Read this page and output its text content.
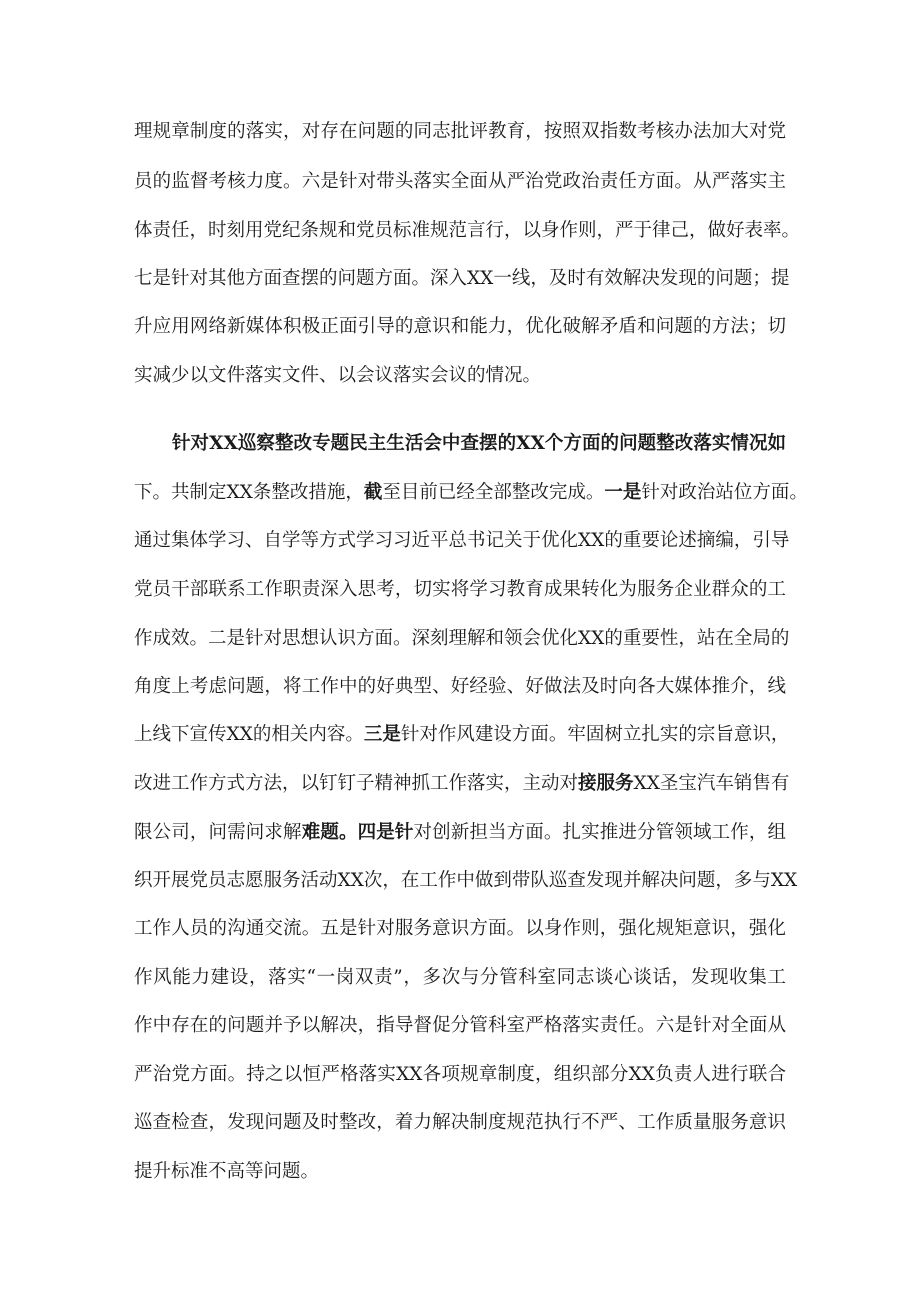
理规章制度的落实，对存在问题的同志批评教育，按照双指数考核办法加大对党
员的监督考核力度。六是针对带头落实全面从严治党政治责任方面。从严落实主
体责任，时刻用党纪条规和党员标准规范言行，以身作则，严于律己，做好表率。
七是针对其他方面查摆的问题方面。深入XX一线，及时有效解决发现的问题；提
升应用网络新媒体积极正面引导的意识和能力，优化破解矛盾和问题的方法；切
实减少以文件落实文件、以会议落实会议的情况。
针对XX巡察整改专题民主生活会中查摆的XX个方面的问题整改落实情况如
下。共制定XX条整改措施，截至目前已经全部整改完成。一是针对政治站位方面。
通过集体学习、自学等方式学习习近平总书记关于优化XX的重要论述摘编，引导
党员干部联系工作职责深入思考，切实将学习教育成果转化为服务企业群众的工
作成效。二是针对思想认识方面。深刻理解和领会优化XX的重要性，站在全局的
角度上考虑问题，将工作中的好典型、好经验、好做法及时向各大媒体推介，线
上线下宣传XX的相关内容。三是针对作风建设方面。牢固树立扎实的宗旨意识，
改进工作方式方法，以钉钉子精神抓工作落实，主动对接服务XX圣宝汽车销售有
限公司，问需问求解难题。四是针对创新担当方面。扎实推进分管领域工作，组
织开展党员志愿服务活动XX次，在工作中做到带队巡查发现并解决问题，多与XX
工作人员的沟通交流。五是针对服务意识方面。以身作则，强化规矩意识，强化
作风能力建设，落实“一岗双责”，多次与分管科室同志谈心谈话，发现收集工
作中存在的问题并予以解决，指导督促分管科室严格落实责任。六是针对全面从
严治党方面。持之以恒严格落实XX各项规章制度，组织部分XX负责人进行联合
巡查检查，发现问题及时整改，着力解决制度规范执行不严、工作质量服务意识
提升标准不高等问题。
